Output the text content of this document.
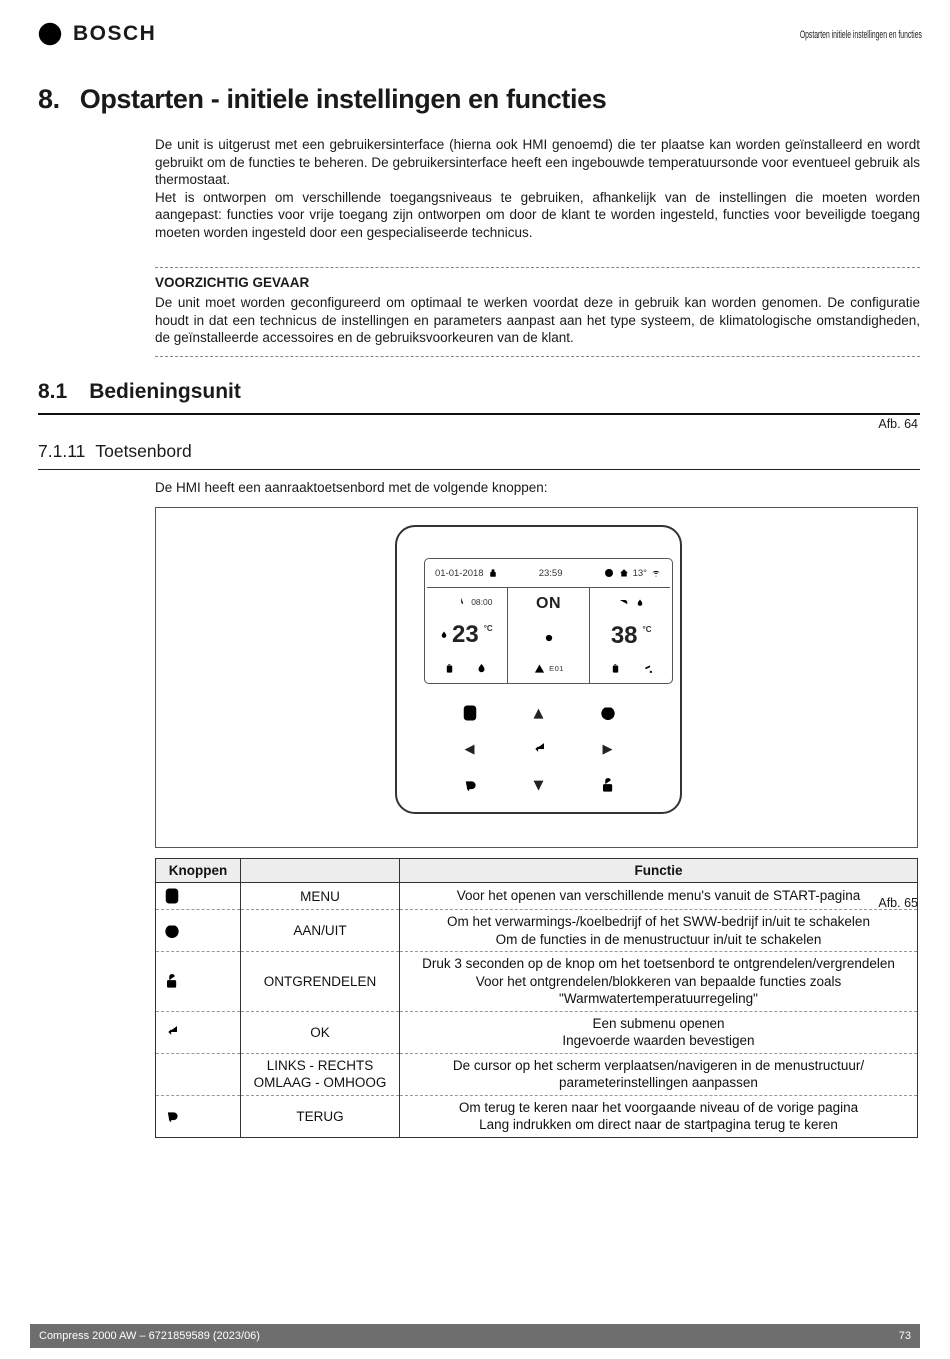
BOSCH	Opstarten initiele instellingen en functies
8. Opstarten - initiele instellingen en functies

De unit is uitgerust met een gebruikersinterface (hierna ook HMI genoemd) die ter plaatse kan worden geïnstalleerd en wordt gebruikt om de functies te beheren. De gebruikersinterface heeft een ingebouwde temperatuursonde voor eventueel gebruik als thermostaat.

Het is ontworpen om verschillende toegangsniveaus te gebruiken, afhankelijk van de instellingen die moeten worden aangepast: functies voor vrije toegang zijn ontworpen om door de klant te worden ingesteld, functies voor beveiligde toegang moeten worden ingesteld door een gespecialiseerde technicus.

VOORZICHTIG GEVAAR
De unit moet worden geconfigureerd om optimaal te werken voordat deze in gebruik kan worden genomen. De configuratie houdt in dat een technicus de instellingen en parameters aanpast aan het type systeem, de klimatologische omstandigheden, de geïnstalleerde accessoires en de gebruiksvoorkeuren van de klant.
8.1 Bedieningsunit
Afb. 64
7.1.11 Toetsenbord

De HMI heeft een aanraaktoetsenbord met de volgende knoppen:

01-01-2018	23:59	13°
08:00
23 °C
ON
E01
38 °C
▲
◀	▶
▼
Afb. 65
Knoppen		Functie

	MENU	Voor het openen van verschillende menu's vanuit de START-pagina

	AAN/UIT	Om het verwarmings-/koelbedrijf of het SWW-bedrijf in/uit te schakelen
Om de functies in de menustructuur in/uit te schakelen

	ONTGRENDELEN	Druk 3 seconden op de knop om het toetsenbord te ontgrendelen/vergrendelen
Voor het ontgrendelen/blokkeren van bepaalde functies zoals
"Warmwatertemperatuurregeling"

	OK	Een submenu openen
Ingevoerde waarden bevestigen

	LINKS - RECHTS
OMLAAG - OMHOOG	De cursor op het scherm verplaatsen/navigeren in de menustructuur/
parameterinstellingen aanpassen

	TERUG	Om terug te keren naar het voorgaande niveau of de vorige pagina
Lang indrukken om direct naar de startpagina terug te keren
Compress 2000 AW – 6721859589 (2023/06)	73
